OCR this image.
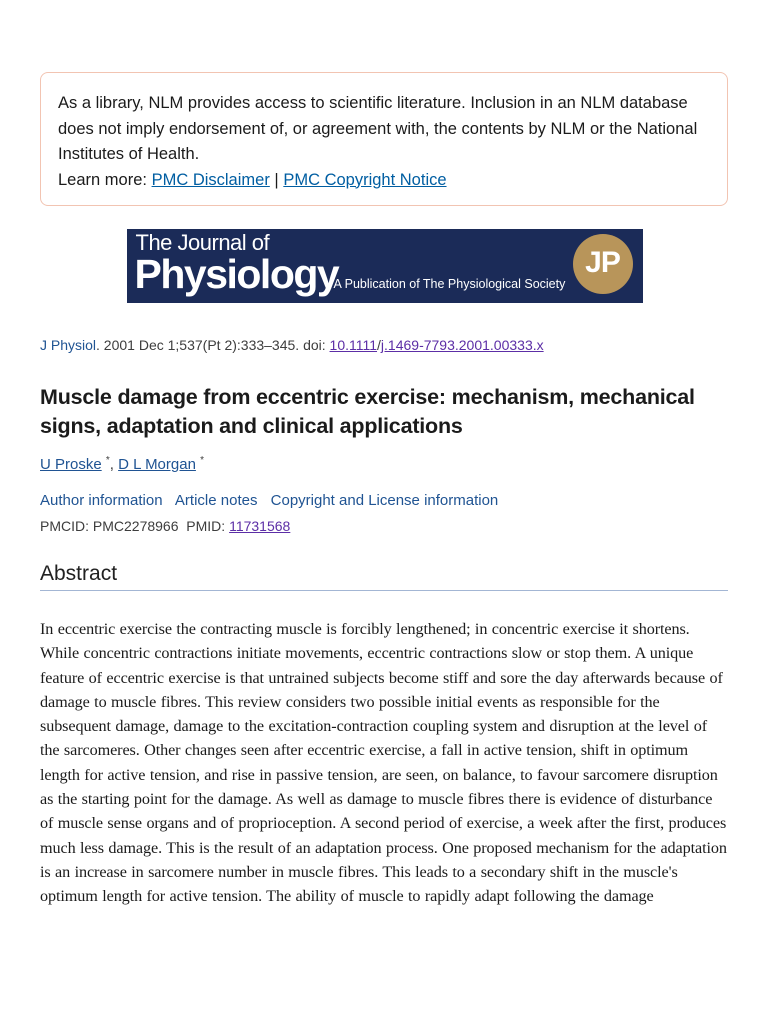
As a library, NLM provides access to scientific literature. Inclusion in an NLM database does not imply endorsement of, or agreement with, the contents by NLM or the National Institutes of Health.
Learn more: PMC Disclaimer | PMC Copyright Notice
The Journal of
Physiology
A Publication of The Physiological Society
JP
J Physiol. 2001 Dec 1;537(Pt 2):333–345. doi: 10.1111/j.1469-7793.2001.00333.x
Muscle damage from eccentric exercise: mechanism, mechanical signs, adaptation and clinical applications
U Proske *, D L Morgan *
Author information Article notes Copyright and License information
PMCID: PMC2278966 PMID: 11731568
Abstract
In eccentric exercise the contracting muscle is forcibly lengthened; in concentric exercise it shortens. While concentric contractions initiate movements, eccentric contractions slow or stop them. A unique feature of eccentric exercise is that untrained subjects become stiff and sore the day afterwards because of damage to muscle fibres. This review considers two possible initial events as responsible for the subsequent damage, damage to the excitation-contraction coupling system and disruption at the level of the sarcomeres. Other changes seen after eccentric exercise, a fall in active tension, shift in optimum length for active tension, and rise in passive tension, are seen, on balance, to favour sarcomere disruption as the starting point for the damage. As well as damage to muscle fibres there is evidence of disturbance of muscle sense organs and of proprioception. A second period of exercise, a week after the first, produces much less damage. This is the result of an adaptation process. One proposed mechanism for the adaptation is an increase in sarcomere number in muscle fibres. This leads to a secondary shift in the muscle's optimum length for active tension. The ability of muscle to rapidly adapt following the damage
